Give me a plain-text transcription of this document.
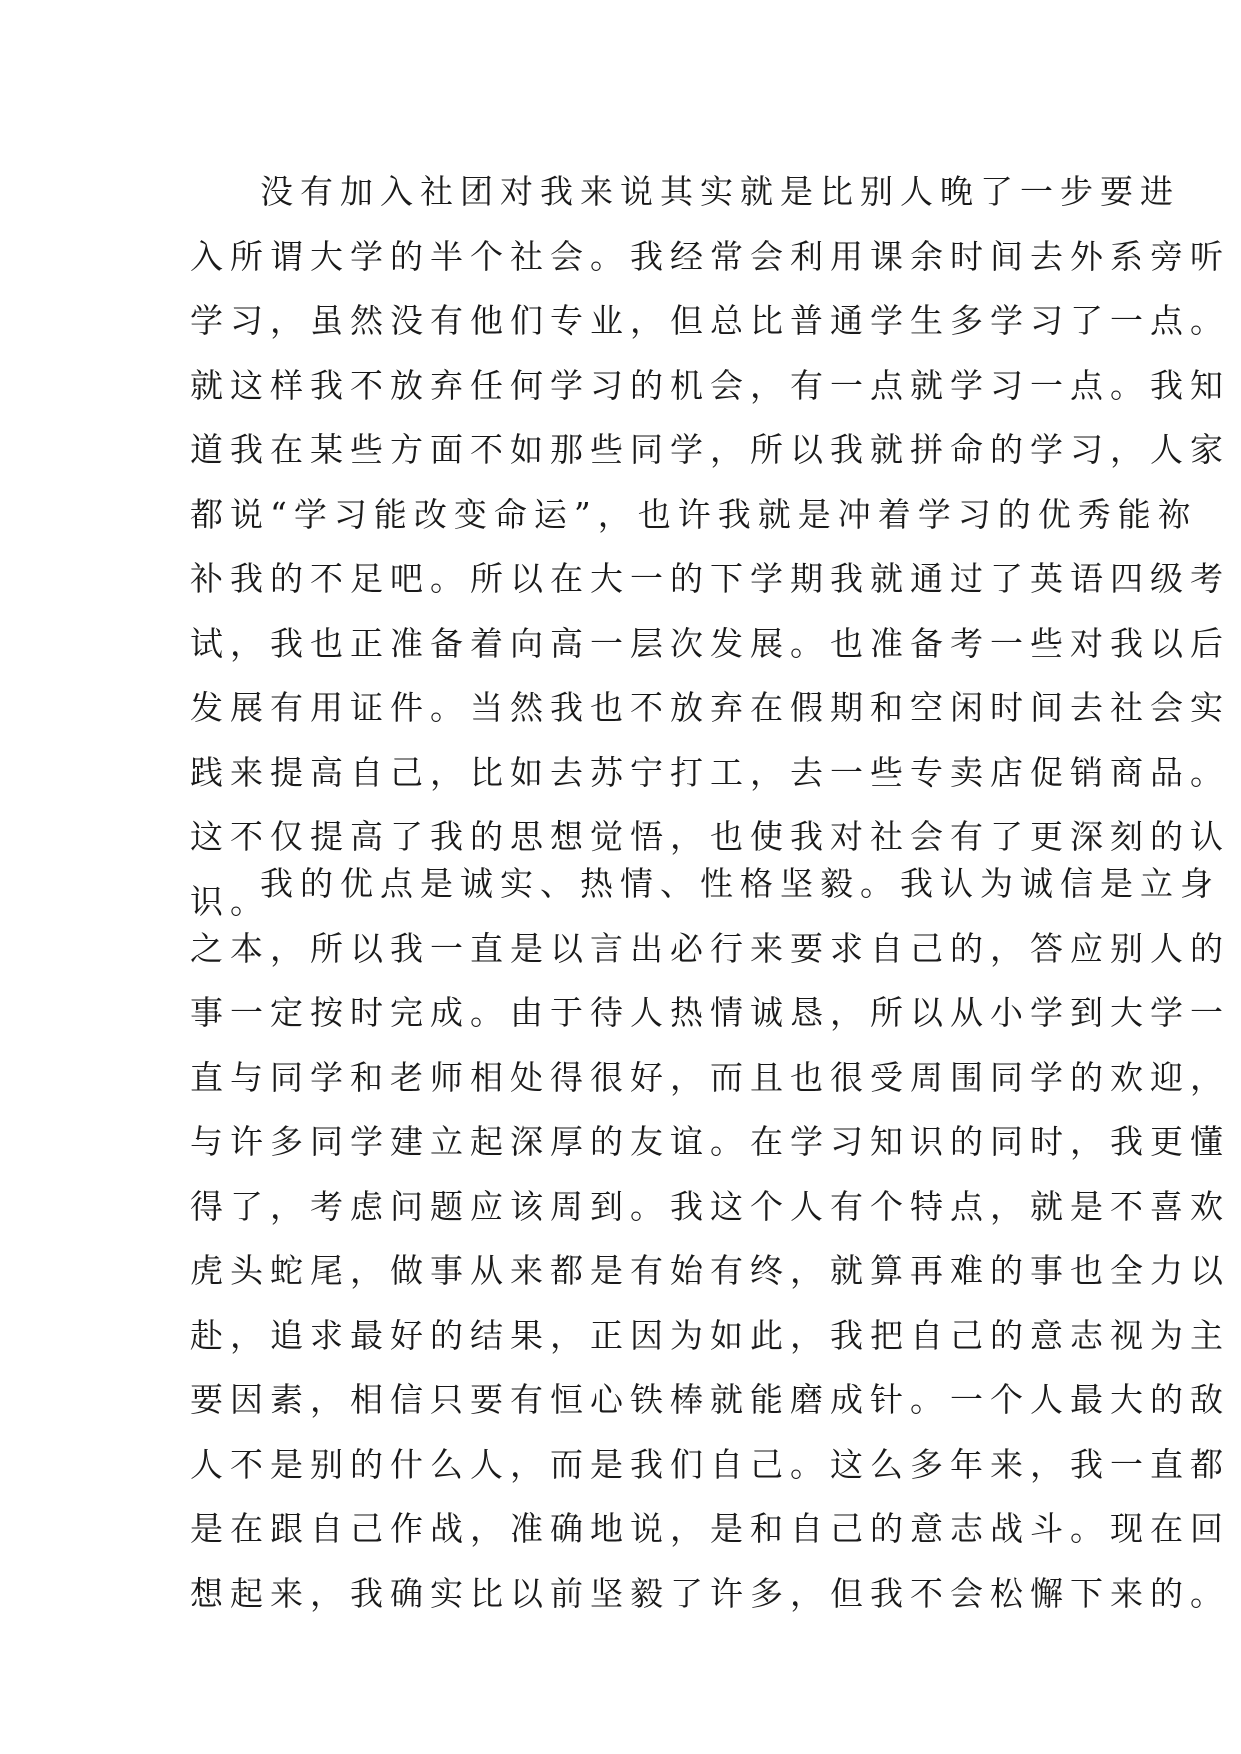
没有加入社团对我来说其实就是比别人晚了一步要进
入所谓大学的半个社会。我经常会利用课余时间去外系旁听
学习，虽然没有他们专业，但总比普通学生多学习了一点。
就这样我不放弃任何学习的机会，有一点就学习一点。我知
道我在某些方面不如那些同学，所以我就拼命的学习，人家
都说“学习能改变命运”，也许我就是冲着学习的优秀能祢
补我的不足吧。所以在大一的下学期我就通过了英语四级考
试，我也正准备着向高一层次发展。也准备考一些对我以后
发展有用证件。当然我也不放弃在假期和空闲时间去社会实
践来提高自己，比如去苏宁打工，去一些专卖店促销商品。
这不仅提高了我的思想觉悟，也使我对社会有了更深刻的认
识。
我的优点是诚实、热情、性格坚毅。我认为诚信是立身
之本，所以我一直是以言出必行来要求自己的，答应别人的
事一定按时完成。由于待人热情诚恳，所以从小学到大学一
直与同学和老师相处得很好，而且也很受周围同学的欢迎，
与许多同学建立起深厚的友谊。在学习知识的同时，我更懂
得了，考虑问题应该周到。我这个人有个特点，就是不喜欢
虎头蛇尾，做事从来都是有始有终，就算再难的事也全力以
赴，追求最好的结果，正因为如此，我把自己的意志视为主
要因素，相信只要有恒心铁棒就能磨成针。一个人最大的敌
人不是别的什么人，而是我们自己。这么多年来，我一直都
是在跟自己作战，准确地说，是和自己的意志战斗。现在回
想起来，我确实比以前坚毅了许多，但我不会松懈下来的。
